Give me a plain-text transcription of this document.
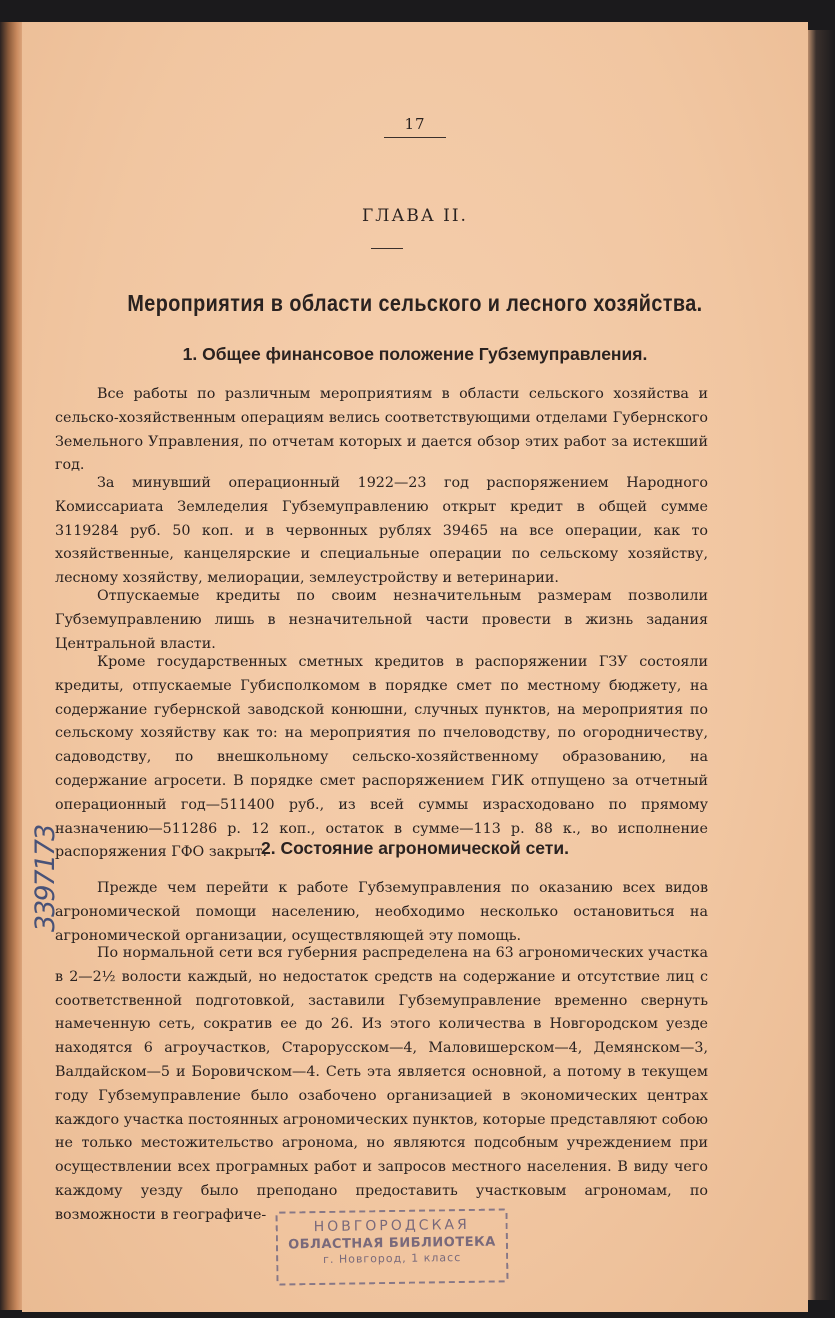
17
ГЛАВА II.
Мероприятия в области сельского и лесного хозяйства.
1. Общее финансовое положение Губземуправления.

Все работы по различным мероприятиям в области сельского хозяйства и сельско-хозяйственным операциям велись соответствующими отделами Губернского Земельного Управления, по отчетам которых и дается обзор этих работ за истекший год.

За минувший операционный 1922—23 год распоряжением Народного Комиссариата Земледелия Губземуправлению открыт кредит в общей сумме 3119284 руб. 50 коп. и в червонных рублях 39465 на все операции, как то хозяйственные, канцелярские и специальные операции по сельскому хозяйству, лесному хозяйству, мелиорации, землеустройству и ветеринарии.

Отпускаемые кредиты по своим незначительным размерам позволили Губземуправлению лишь в незначительной части провести в жизнь задания Центральной власти.

Кроме государственных сметных кредитов в распоряжении ГЗУ состояли кредиты, отпускаемые Губисполкомом в порядке смет по местному бюджету, на содержание губернской заводской конюшни, случных пунктов, на мероприятия по сельскому хозяйству как то: на мероприятия по пчеловодству, по огородничеству, садоводству, по внешкольному сельско-хозяйственному образованию, на содержание агросети. В порядке смет распоряжением ГИК отпущено за отчетный операционный год—511400 руб., из всей суммы израсходовано по прямому назначению—511286 р. 12 коп., остаток в сумме—113 р. 88 к., во исполнение распоряжения ГФО закрыт.

2. Состояние агрономической сети.

Прежде чем перейти к работе Губземуправления по оказанию всех видов агрономической помощи населению, необходимо несколько остановиться на агрономической организации, осуществляющей эту помощь.

По нормальной сети вся губерния распределена на 63 агрономических участка в 2—2½ волости каждый, но недостаток средств на содержание и отсутствие лиц с соответственной подготовкой, заставили Губземуправление временно свернуть намеченную сеть, сократив ее до 26. Из этого количества в Новгородском уезде находятся 6 агроучастков, Старорусском—4, Маловишерском—4, Демянском—3, Валдайском—5 и Боровичском—4. Сеть эта является основной, а потому в текущем году Губземуправление было озабочено организацией в экономических центрах каждого участка постоянных агрономических пунктов, которые представляют собою не только местожительство агронома, но являются подсобным учреждением при осуществлении всех програмных работ и запросов местного населения. В виду чего каждому уезду было преподано предоставить участковым агрономам, по возможности в географиче-

3397173
НОВГОРОДСКАЯ
ОБЛАСТНАЯ БИБЛИОТЕКА
г. Новгород, 1 класс
